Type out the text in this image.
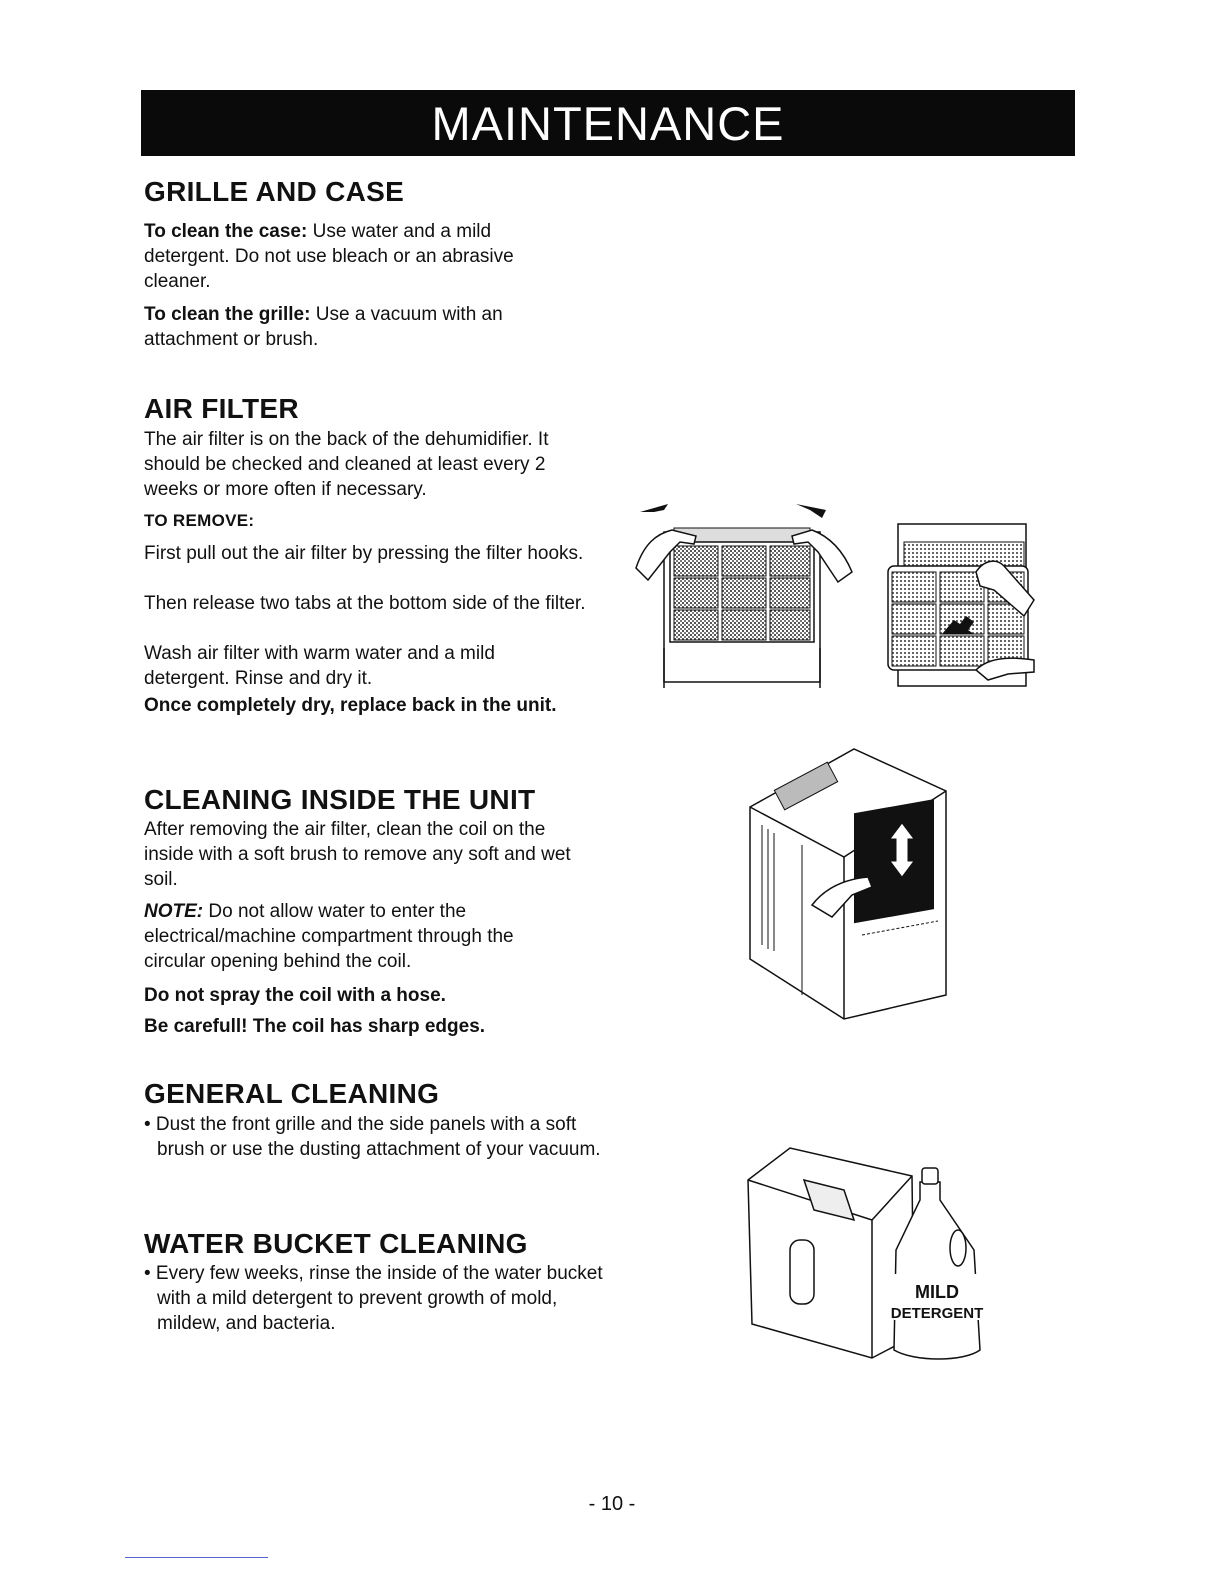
MAINTENANCE
GRILLE AND CASE

To clean the case: Use water and a mild detergent. Do not use bleach or an abrasive cleaner.

To clean the grille: Use a vacuum with an attachment or brush.

AIR FILTER

The air filter is on the back of the dehumidifier. It should be checked and cleaned at least every 2 weeks or more often if necessary.

TO REMOVE:

First pull out the air filter by pressing the filter hooks.

Then release two tabs at the bottom side of the filter.

Wash air filter with warm water and a mild detergent. Rinse and dry it.

Once completely dry, replace back in the unit.

CLEANING INSIDE THE UNIT

After removing the air filter, clean the coil on the inside with a soft brush to remove any soft and wet soil.

NOTE: Do not allow water to enter the electrical/machine compartment through the circular opening behind the coil.

Do not spray the coil with a hose.

Be carefull! The coil has sharp edges.

GENERAL CLEANING

• Dust the front grille and the side panels with a soft brush or use the dusting attachment of your vacuum.

WATER BUCKET CLEANING

• Every few weeks, rinse the inside of the water bucket with a mild detergent to prevent growth of mold, mildew, and bacteria.

MILD
DETERGENT
- 10 -
